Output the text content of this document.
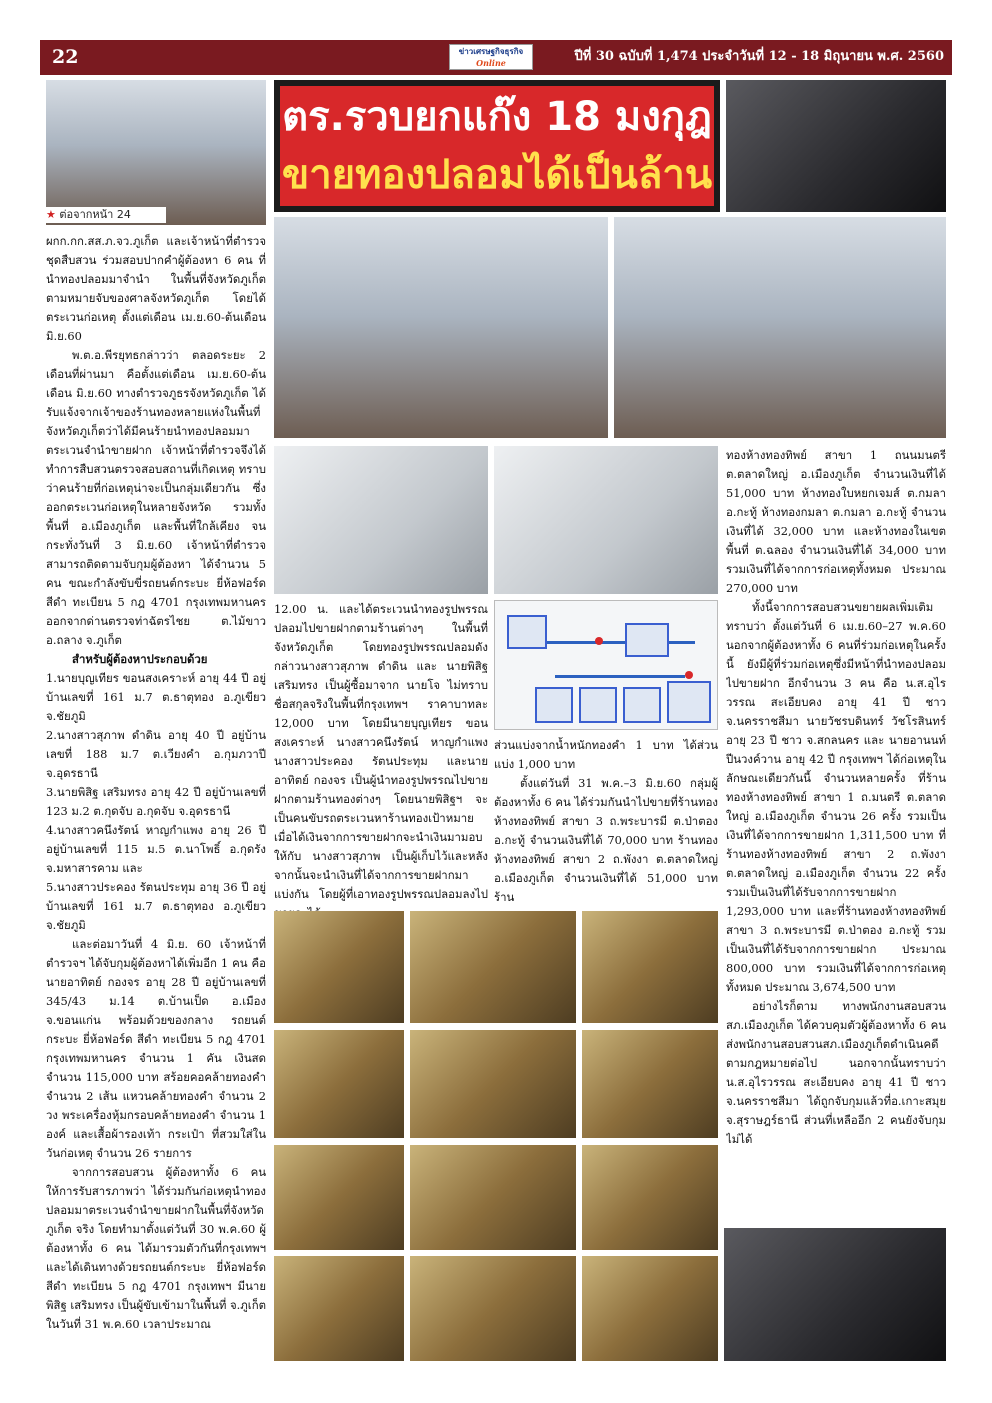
22	ข่าวเศรษฐกิจธุรกิจ
Online	ปีที่ 30 ฉบับที่ 1,474 ประจำวันที่ 12 - 18 มิถุนายน พ.ศ. 2560
★ ต่อจากหน้า 24
ตร.รวบยกแก๊ง 18 มงกุฎ
ขายทองปลอมได้เป็นล้าน

ผกก.กก.สส.ภ.จว.ภูเก็ต และเจ้าหน้าที่ตำรวจชุดสืบสวน ร่วมสอบปากคำผู้ต้องหา 6 คน ที่นำทองปลอมมาจำนำ ในพื้นที่จังหวัดภูเก็ต ตามหมายจับของศาลจังหวัดภูเก็ต โดยได้ตระเวนก่อเหตุ ตั้งแต่เดือน เม.ย.60-ต้นเดือน มิ.ย.60

พ.ต.อ.พีรยุทธกล่าวว่า ตลอดระยะ 2 เดือนที่ผ่านมา คือตั้งแต่เดือน เม.ย.60-ต้นเดือน มิ.ย.60 ทางตำรวจภูธรจังหวัดภูเก็ต ได้รับแจ้งจากเจ้าของร้านทองหลายแห่งในพื้นที่จังหวัดภูเก็ตว่าได้มีคนร้ายนำทองปลอมมาตระเวนจำนำขายฝาก เจ้าหน้าที่ตำรวจจึงได้ทำการสืบสวนตรวจสอบสถานที่เกิดเหตุ ทราบว่าคนร้ายที่ก่อเหตุน่าจะเป็นกลุ่มเดียวกัน ซึ่งออกตระเวนก่อเหตุในหลายจังหวัด รวมทั้งพื้นที่ อ.เมืองภูเก็ต และพื้นที่ใกล้เคียง จนกระทั่งวันที่ 3 มิ.ย.60 เจ้าหน้าที่ตำรวจสามารถติดตามจับกุมผู้ต้องหา ได้จำนวน 5 คน ขณะกำลังขับขี่รถยนต์กระบะ ยี่ห้อฟอร์ด สีดำ ทะเบียน 5 กฎ 4701 กรุงเทพมหานคร ออกจากด่านตรวจท่าฉัตรไชย ต.ไม้ขาว อ.ถลาง จ.ภูเก็ต

สำหรับผู้ต้องหาประกอบด้วย

1.นายบุญเทียร ขอนสงเคราะห์ อายุ 44 ปี อยู่บ้านเลขที่ 161 ม.7 ต.ธาตุทอง อ.ภูเขียว จ.ชัยภูมิ

2.นางสาวสุภาพ ดำดิน อายุ 40 ปี อยู่บ้านเลขที่ 188 ม.7 ต.เวียงคำ อ.กุมภวาปี จ.อุดรธานี

3.นายพิสิฐ เสริมทรง อายุ 42 ปี อยู่บ้านเลขที่ 123 ม.2 ต.กุดจับ อ.กุดจับ จ.อุดรธานี

4.นางสาวคนึงรัตน์ หาญกำแพง อายุ 26 ปี อยู่บ้านเลขที่ 115 ม.5 ต.นาโพธิ์ อ.กุดรัง จ.มหาสารคาม และ

5.นางสาวประคอง รัตนประทุม อายุ 36 ปี อยู่บ้านเลขที่ 161 ม.7 ต.ธาตุทอง อ.ภูเขียว จ.ชัยภูมิ

และต่อมาวันที่ 4 มิ.ย. 60 เจ้าหน้าที่ตำรวจฯ ได้จับกุมผู้ต้องหาได้เพิ่มอีก 1 คน คือนายอาทิตย์ กองจร อายุ 28 ปี อยู่บ้านเลขที่ 345/43 ม.14 ต.บ้านเป็ด อ.เมือง จ.ขอนแก่น พร้อมด้วยของกลาง รถยนต์กระบะ ยี่ห้อฟอร์ด สีดำ ทะเบียน 5 กฎ 4701 กรุงเทพมหานคร จำนวน 1 คัน เงินสด จำนวน 115,000 บาท สร้อยคอคล้ายทองคำ จำนวน 2 เส้น แหวนคล้ายทองคำ จำนวน 2 วง พระเครื่องหุ้มกรอบคล้ายทองคำ จำนวน 1 องค์ และเสื้อผ้ารองเท้า กระเป๋า ที่สวมใส่ในวันก่อเหตุ จำนวน 26 รายการ

จากการสอบสวน ผู้ต้องหาทั้ง 6 คน ให้การรับสารภาพว่า ได้ร่วมกันก่อเหตุนำทองปลอมมาตระเวนจำนำขายฝากในพื้นที่จังหวัดภูเก็ต จริง โดยทำมาตั้งแต่วันที่ 30 พ.ค.60 ผู้ต้องหาทั้ง 6 คน ได้มารวมตัวกันที่กรุงเทพฯ และได้เดินทางด้วยรถยนต์กระบะ ยี่ห้อฟอร์ด สีดำ ทะเบียน 5 กฎ 4701 กรุงเทพฯ มีนายพิสิฐ เสริมทรง เป็นผู้ขับเข้ามาในพื้นที่ จ.ภูเก็ต ในวันที่ 31 พ.ค.60 เวลาประมาณ

12.00 น. และได้ตระเวนนำทองรูปพรรณปลอมไปขายฝากตามร้านต่างๆ ในพื้นที่จังหวัดภูเก็ต โดยทองรูปพรรณปลอมดังกล่าวนางสาวสุภาพ ดำดิน และ นายพิสิฐ เสริมทรง เป็นผู้ซื้อมาจาก นายโจ ไม่ทราบชื่อสกุลจริงในพื้นที่กรุงเทพฯ ราคาบาทละ 12,000 บาท โดยมีนายบุญเทียร ขอนสงเคราะห์ นางสาวคนึงรัตน์ หาญกำแพง นางสาวประคอง รัตนประทุม และนายอาทิตย์ กองจร เป็นผู้นำทองรูปพรรณไปขายฝากตามร้านทองต่างๆ โดยนายพิสิฐฯ จะเป็นคนขับรถตระเวนหาร้านทองเป้าหมาย เมื่อได้เงินจากการขายฝากจะนำเงินมามอบให้กับ นางสาวสุภาพ เป็นผู้เก็บไว้และหลังจากนั้นจะนำเงินที่ได้จากการขายฝากมาแบ่งกัน โดยผู้ที่เอาทองรูปพรรณปลอมลงไป

ส่วนแบ่งจากน้ำหนักทองคำ 1 บาท ได้ส่วนแบ่ง 1,000 บาท

ตั้งแต่วันที่ 31 พ.ค.–3 มิ.ย.60 กลุ่มผู้ต้องหาทั้ง 6 คน ได้ร่วมกันนำไปขายที่ร้านทองห้างทองทิพย์ สาขา 3 ถ.พระบารมี ต.ป่าตอง อ.กะทู้ จำนวนเงินที่ได้ 70,000 บาท ร้านทองห้างทองทิพย์ สาขา 2 ถ.พังงา ต.ตลาดใหญ่ อ.เมืองภูเก็ต จำนวนเงินที่ได้ 51,000 บาท ร้าน

ทองห้างทองทิพย์ สาขา 1 ถนนมนตรี ต.ตลาดใหญ่ อ.เมืองภูเก็ต จำนวนเงินที่ได้ 51,000 บาท ห้างทองใบหยกเจมส์ ต.กมลา อ.กะทู้ ห้างทองกมลา ต.กมลา อ.กะทู้ จำนวนเงินที่ได้ 32,000 บาท และห้างทองในเขตพื้นที่ ต.ฉลอง จำนวนเงินที่ได้ 34,000 บาท รวมเงินที่ได้จากการก่อเหตุทั้งหมด ประมาณ 270,000 บาท

ทั้งนี้จากการสอบสวนขยายผลเพิ่มเติม ทราบว่า ตั้งแต่วันที่ 6 เม.ย.60–27 พ.ค.60 นอกจากผู้ต้องหาทั้ง 6 คนที่ร่วมก่อเหตุในครั้งนี้ ยังมีผู้ที่ร่วมก่อเหตุซึ่งมีหน้าที่นำทองปลอมไปขายฝาก อีกจำนวน 3 คน คือ น.ส.อุไรวรรณ สะเอียบคง อายุ 41 ปี ชาว จ.นครราชสีมา นายวัชรบดินทร์ วัชโรสินทร์ อายุ 23 ปี ชาว จ.สกลนคร และ นายอานนท์ ปีนวงค์วาน อายุ 42 ปี กรุงเทพฯ ได้ก่อเหตุในลักษณะเดียวกันนี้ จำนวนหลายครั้ง ที่ร้านทองห้างทองทิพย์ สาขา 1 ถ.มนตรี ต.ตลาดใหญ่ อ.เมืองภูเก็ต จำนวน 26 ครั้ง รวมเป็นเงินที่ได้จากการขายฝาก 1,311,500 บาท ที่ร้านทองห้างทองทิพย์ สาขา 2 ถ.พังงา ต.ตลาดใหญ่ อ.เมืองภูเก็ต จำนวน 22 ครั้ง รวมเป็นเงินที่ได้รับจากการขายฝาก 1,293,000 บาท และที่ร้านทองห้างทองทิพย์ สาขา 3 ถ.พระบารมี ต.ป่าตอง อ.กะทู้ รวมเป็นเงินที่ได้รับจากการขายฝาก ประมาณ 800,000 บาท รวมเงินที่ได้จากการก่อเหตุทั้งหมด ประมาณ 3,674,500 บาท

อย่างไรก็ตาม ทางพนักงานสอบสวน สภ.เมืองภูเก็ต ได้ควบคุมตัวผู้ต้องหาทั้ง 6 คนส่งพนักงานสอบสวนสภ.เมืองภูเก็ตดำเนินคดีตามกฎหมายต่อไป นอกจากนั้นทราบว่า น.ส.อุไรวรรณ สะเอียบคง อายุ 41 ปี ชาว จ.นครราชสีมา ได้ถูกจับกุมแล้วที่อ.เกาะสมุย จ.สุราษฎร์ธานี ส่วนที่เหลืออีก 2 คนยังจับกุมไม่ได้
